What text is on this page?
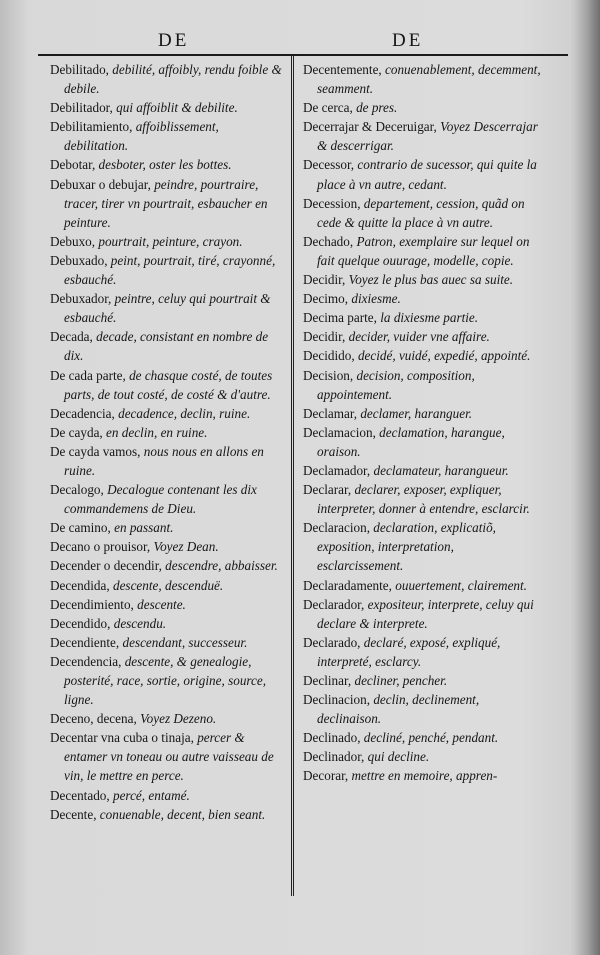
DE	DE

Debilitado, debilité, affoibly, rendu foible & debile.

Debilitador, qui affoiblit & debilite.

Debilitamiento, affoiblissement, debilitation.

Debotar, desboter, oster les bottes.

Debuxar o debujar, peindre, pourtraire, tracer, tirer vn pourtrait, esbaucher en peinture.

Debuxo, pourtrait, peinture, crayon.

Debuxado, peint, pourtrait, tiré, crayonné, esbauché.

Debuxador, peintre, celuy qui pourtrait & esbauché.

Decada, decade, consistant en nombre de dix.

De cada parte, de chasque costé, de toutes parts, de tout costé, de costé & d'autre.

Decadencia, decadence, declin, ruine.

De cayda, en declin, en ruine.

De cayda vamos, nous nous en allons en ruine.

Decalogo, Decalogue contenant les dix commandemens de Dieu.

De camino, en passant.

Decano o prouisor, Voyez Dean.

Decender o decendir, descendre, abbaisser.

Decendida, descente, descenduë.

Decendimiento, descente.

Decendido, descendu.

Decendiente, descendant, successeur.

Decendencia, descente, & genealogie, posterité, race, sortie, origine, source, ligne.

Deceno, decena, Voyez Dezeno.

Decentar vna cuba o tinaja, percer & entamer vn toneau ou autre vaisseau de vin, le mettre en perce.

Decentado, percé, entamé.

Decente, conuenable, decent, bien seant.

Decentemente, conuenablement, decemment, seamment.

De cerca, de pres.

Decerrajar & Deceruigar, Voyez Descerrajar & descerrigar.

Decessor, contrario de sucessor, qui quite la place à vn autre, cedant.

Decession, departement, cession, quãd on cede & quitte la place à vn autre.

Dechado, Patron, exemplaire sur lequel on fait quelque ouurage, modelle, copie.

Decidir, Voyez le plus bas auec sa suite.

Decimo, dixiesme.

Decima parte, la dixiesme partie.

Decidir, decider, vuider vne affaire.

Decidido, decidé, vuidé, expedié, appointé.

Decision, decision, composition, appointement.

Declamar, declamer, haranguer.

Declamacion, declamation, harangue, oraison.

Declamador, declamateur, harangueur.

Declarar, declarer, exposer, expliquer, interpreter, donner à entendre, esclarcir.

Declaracion, declaration, explicatiõ, exposition, interpretation, esclarcissement.

Declaradamente, ouuertement, clairement.

Declarador, expositeur, interprete, celuy qui declare & interprete.

Declarado, declaré, exposé, expliqué, interpreté, esclarcy.

Declinar, decliner, pencher.

Declinacion, declin, declinement, declinaison.

Declinado, decliné, penché, pendant.

Declinador, qui decline.

Decorar, mettre en memoire, appren-
